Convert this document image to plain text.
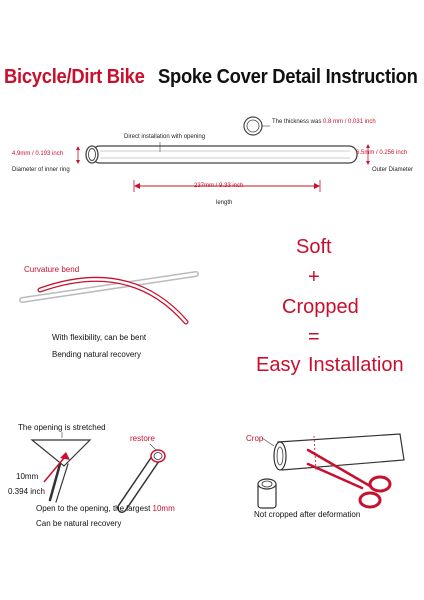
Bicycle/Dirt Bike Spoke Cover Detail Instruction
The thickness was 0.8 mm / 0.031 inch
Direct installation with opening
4.9mm / 0.193 inch
Diameter of inner ring
6.5mm / 0.256 inch
Outer Diameter
237mm / 9.33 inch
length
Curvature bend
With flexibility, can be bent
Bending natural recovery
Soft
+
Cropped
=
Easy Installation
The opening is stretched
restore
10mm
0.394 inch
Open to the opening, the largest 10mm
Can be natural recovery
Crop
Not cropped after deformation
